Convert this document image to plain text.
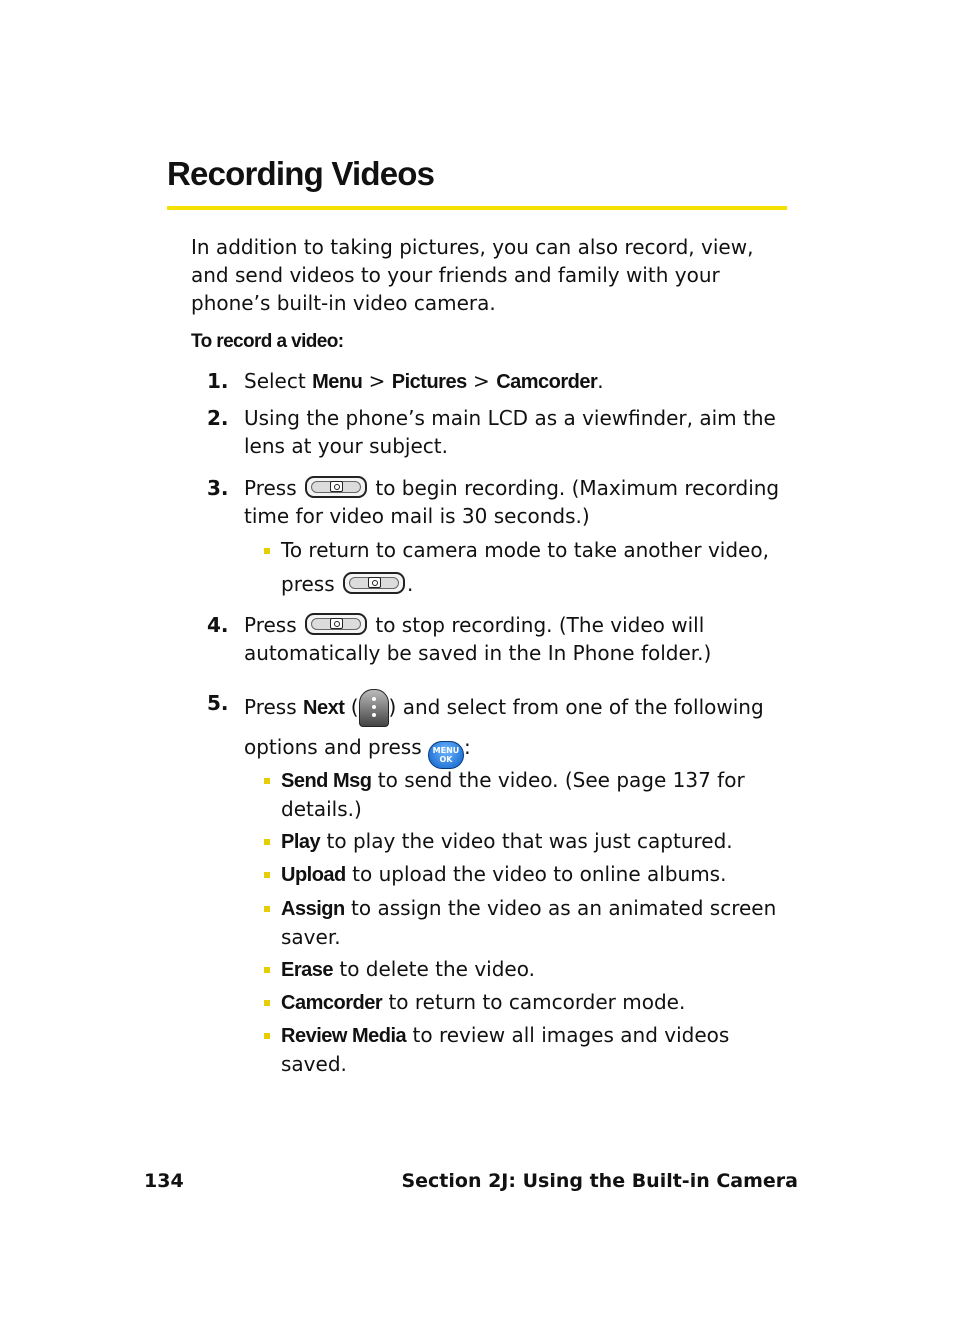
Recording Videos
In addition to taking pictures, you can also record, view, and send videos to your friends and family with your phone’s built-in video camera.
To record a video:
1. Select Menu > Pictures > Camcorder.
2. Using the phone’s main LCD as a viewfinder, aim the lens at your subject.
3. Press	to begin recording. (Maximum recording time for video mail is 30 seconds.)
To return to camera mode to take another video,
press	.
4. Press	to stop recording. (The video will automatically be saved in the In Phone folder.)
5. Press Next ( ) and select from one of the following
options and press MENU
OK:
Send Msg to send the video. (See page 137 for details.)
Play to play the video that was just captured.
Upload to upload the video to online albums.
Assign to assign the video as an animated screen saver.
Erase to delete the video.
Camcorder to return to camcorder mode.
Review Media to review all images and videos saved.
134	Section 2J: Using the Built-in Camera
